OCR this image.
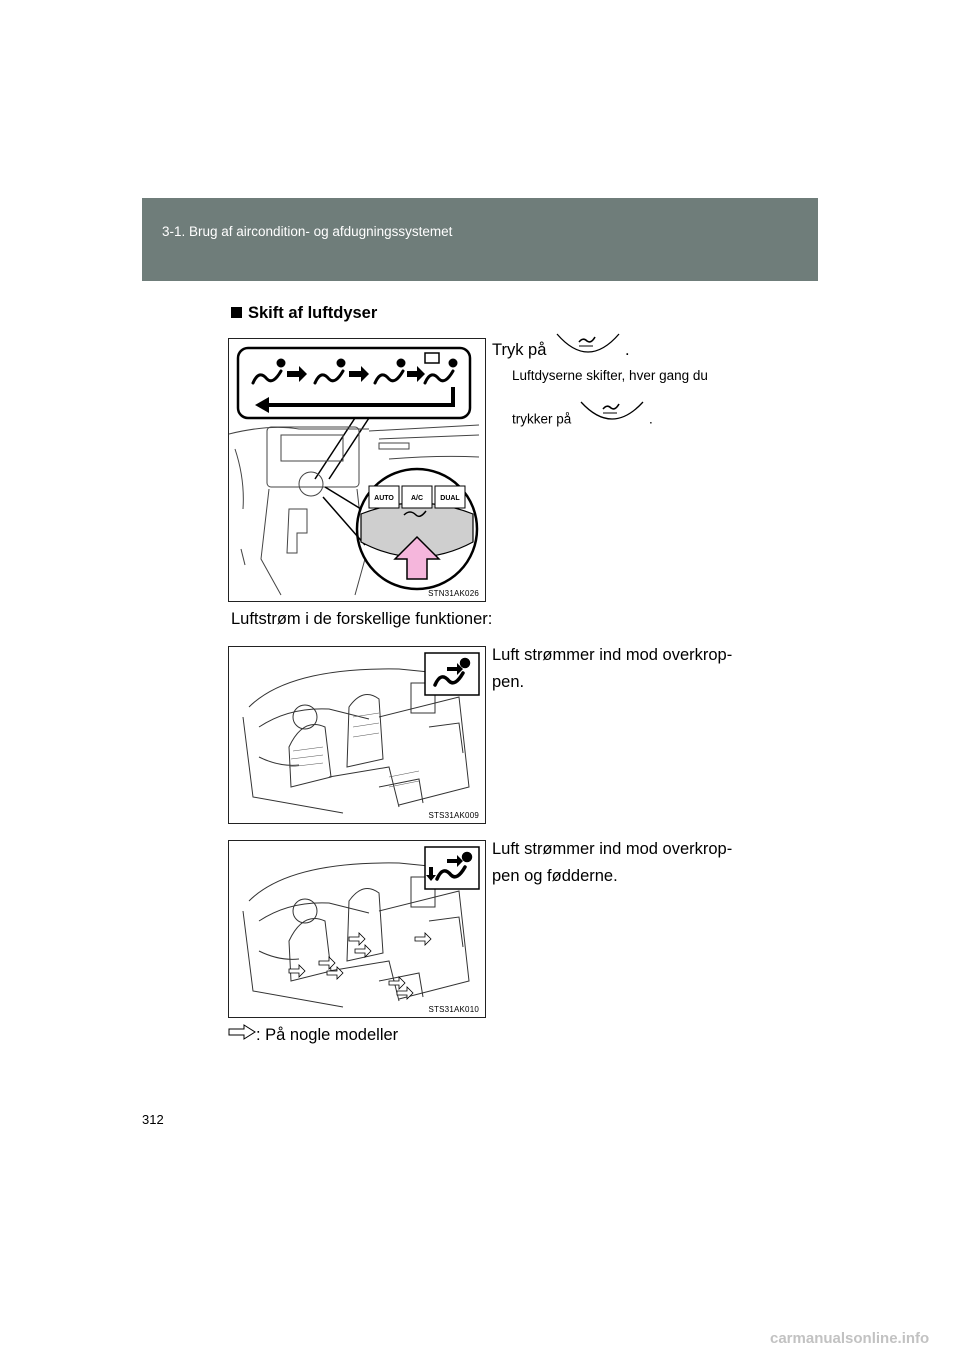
3-1. Brug af aircondition- og afdugningssystemet
Skift af luftdyser
AUTO A/C DUAL
STN31AK026
Tryk på	.
Luftdyserne skifter, hver gang du
trykker på	.
Luftstrøm i de forskellige funktioner:
STS31AK009
Luft strømmer ind mod overkrop-
pen.
STS31AK010
Luft strømmer ind mod overkrop-
pen og fødderne.
: På nogle modeller
312
carmanualsonline.info
